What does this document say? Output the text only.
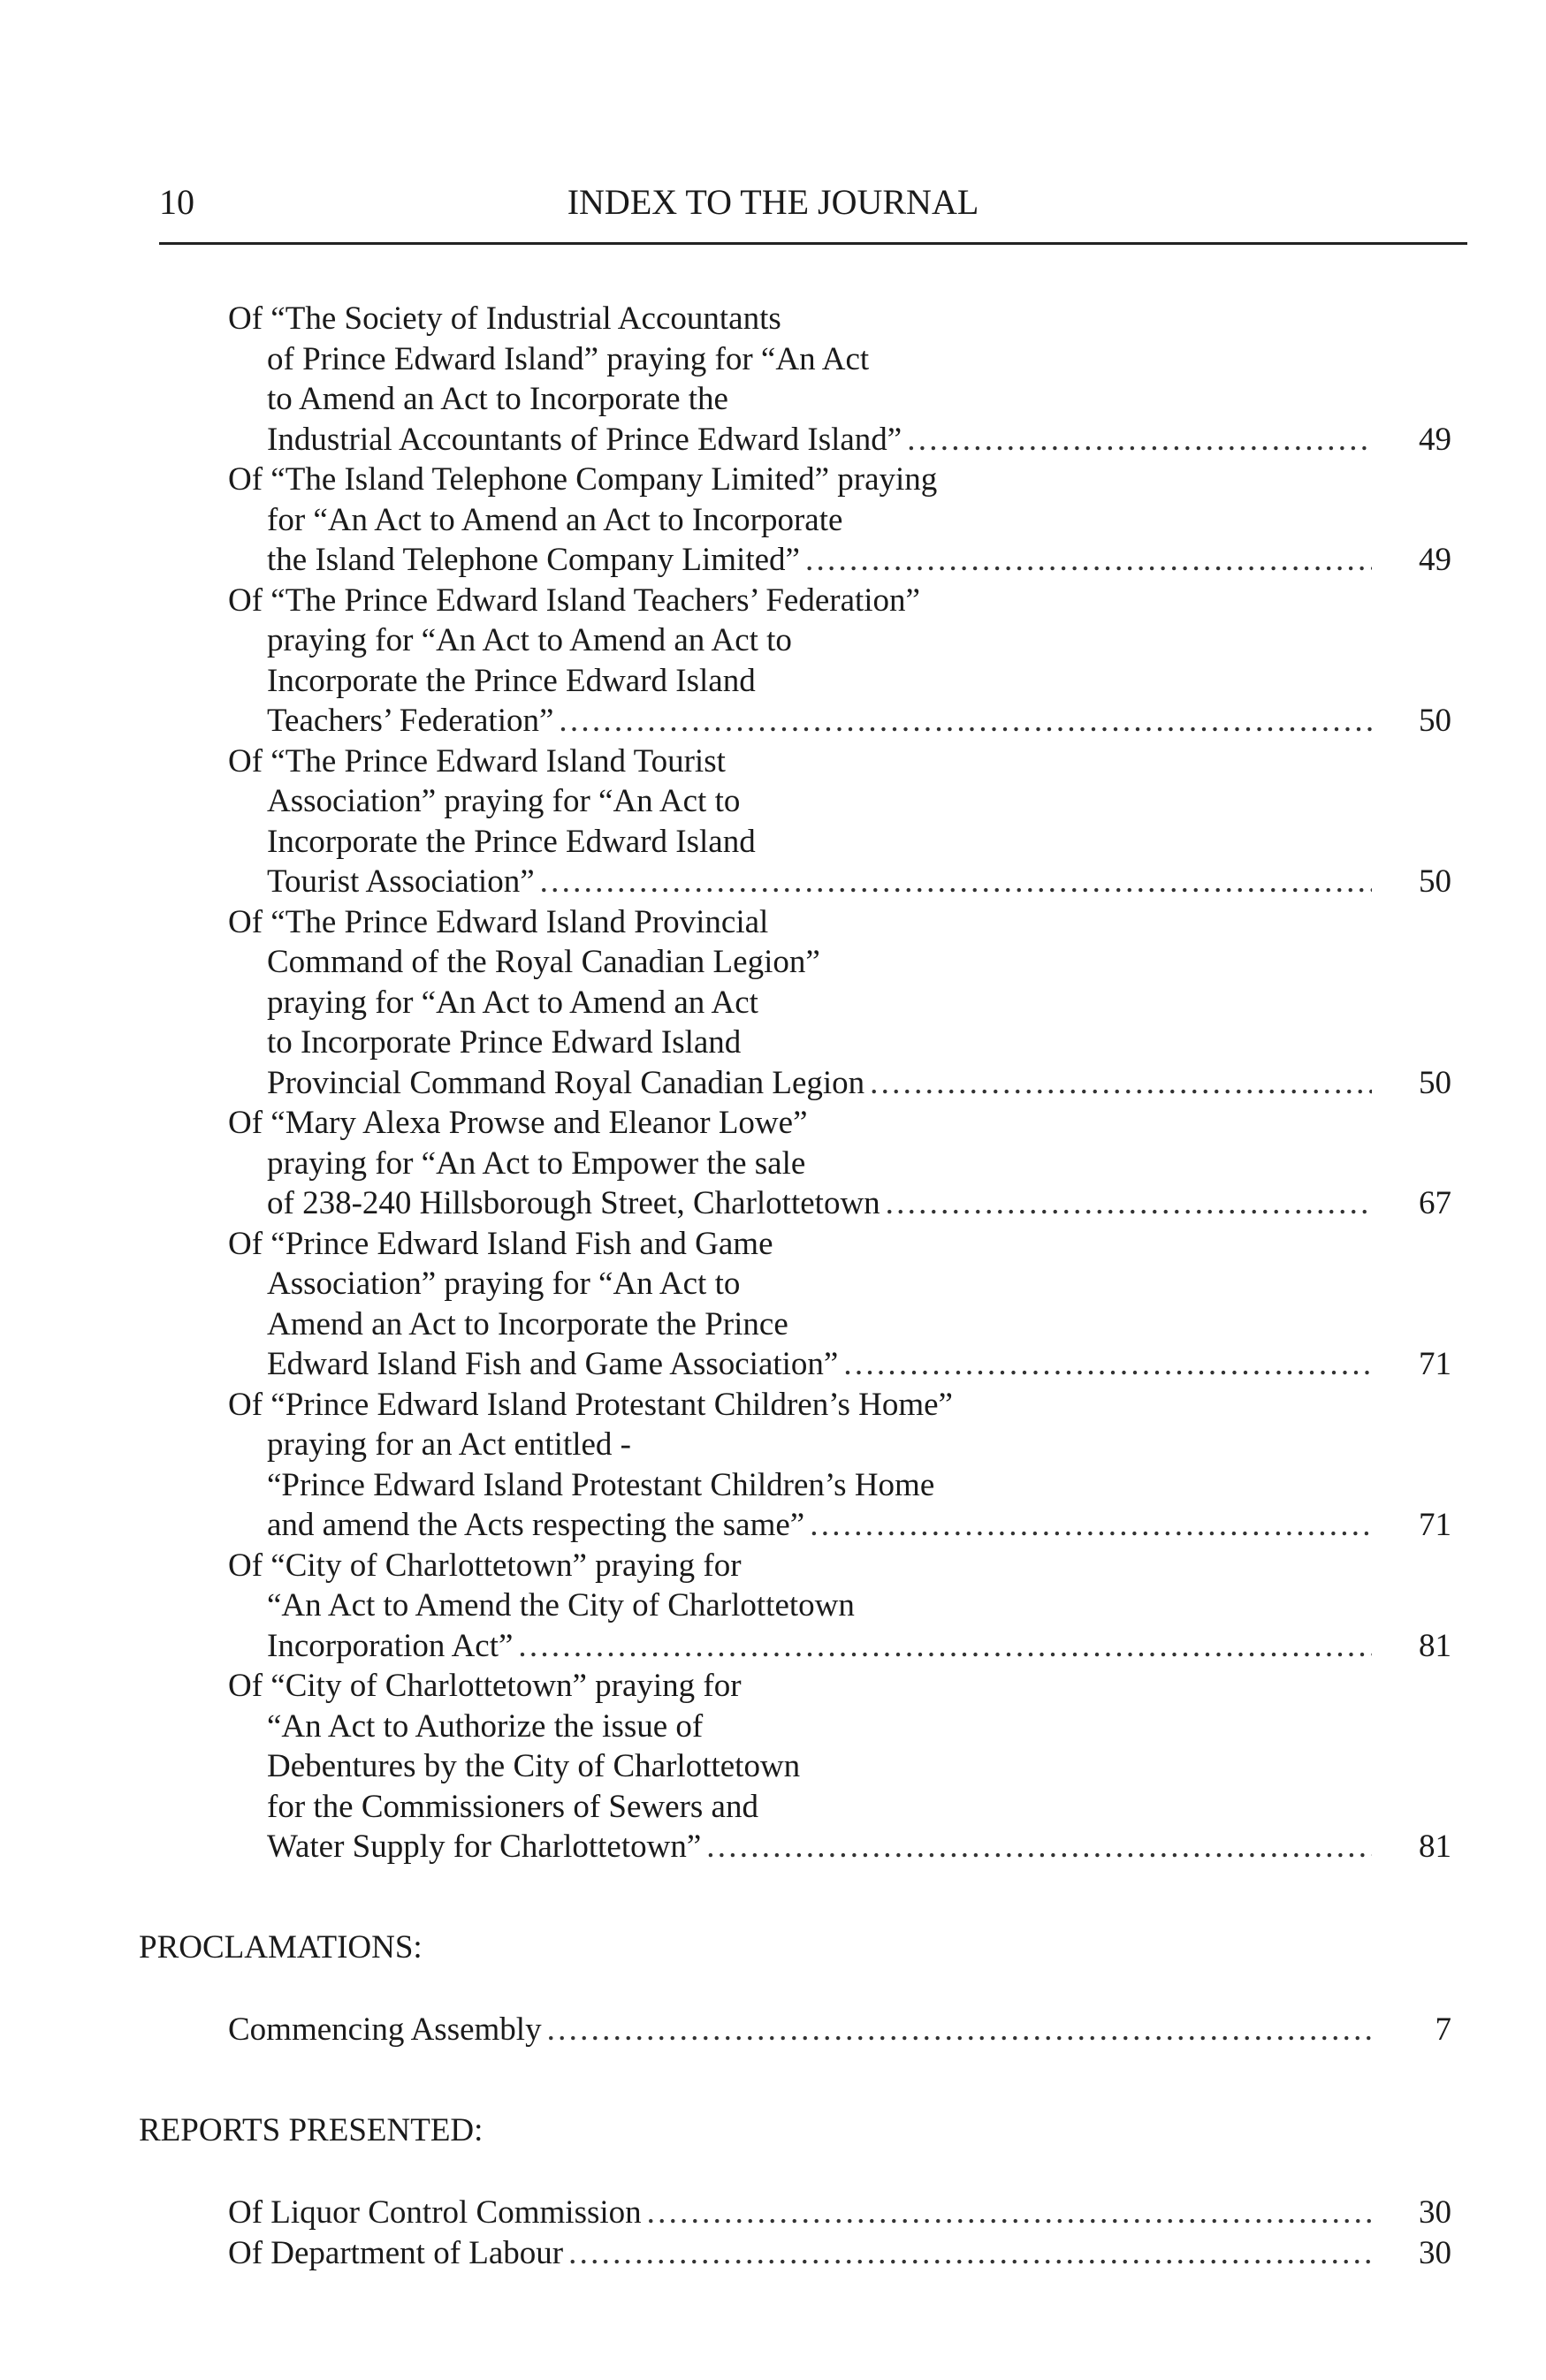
10	INDEX TO THE JOURNAL
Of “The Society of Industrial Accountants
of Prince Edward Island” praying for “An Act
to Amend an Act to Incorporate the
Industrial Accountants of Prince Edward Island” . . .	49
Of “The Island Telephone Company Limited” praying
for “An Act to Amend an Act to Incorporate
the Island Telephone Company Limited” . . .	49
Of “The Prince Edward Island Teachers’ Federation”
praying for “An Act to Amend an Act to
Incorporate the Prince Edward Island
Teachers’ Federation” . . .	50
Of “The Prince Edward Island Tourist
Association” praying for “An Act to
Incorporate the Prince Edward Island
Tourist Association” . . .	50
Of “The Prince Edward Island Provincial
Command of the Royal Canadian Legion”
praying for “An Act to Amend an Act
to Incorporate Prince Edward Island
Provincial Command Royal Canadian Legion . . .	50
Of “Mary Alexa Prowse and Eleanor Lowe”
praying for “An Act to Empower the sale
of 238-240 Hillsborough Street, Charlottetown . . .	67
Of “Prince Edward Island Fish and Game
Association” praying for “An Act to
Amend an Act to Incorporate the Prince
Edward Island Fish and Game Association” . . .	71
Of “Prince Edward Island Protestant Children’s Home”
praying for an Act entitled -
“Prince Edward Island Protestant Children’s Home
and amend the Acts respecting the same” . . .	71
Of “City of Charlottetown” praying for
“An Act to Amend the City of Charlottetown
Incorporation Act” . . .	81
Of “City of Charlottetown” praying for
“An Act to Authorize the issue of
Debentures by the City of Charlottetown
for the Commissioners of Sewers and
Water Supply for Charlottetown” . . .	81
PROCLAMATIONS:
Commencing Assembly . . .	7
REPORTS PRESENTED:
Of Liquor Control Commission . . .	30
Of Department of Labour . . .	30
